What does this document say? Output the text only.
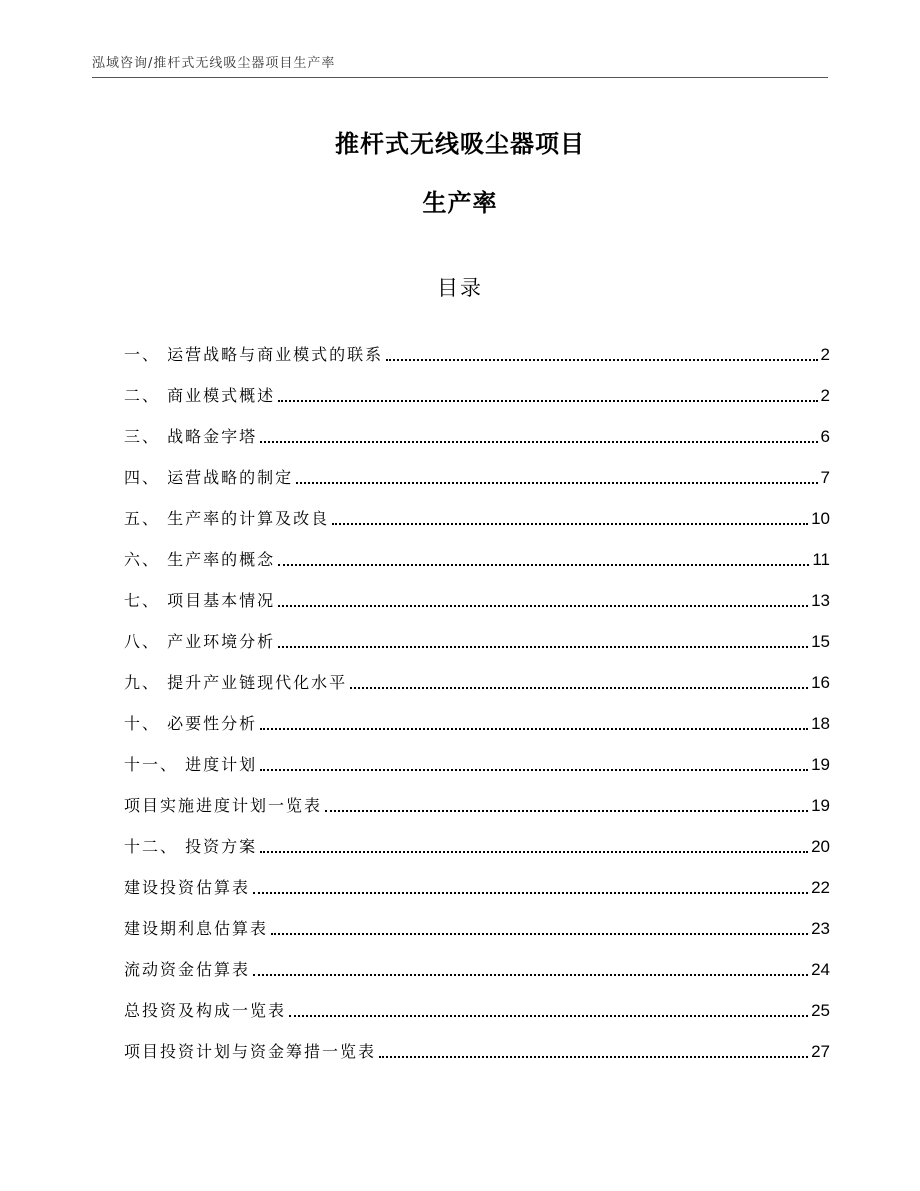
泓域咨询/推杆式无线吸尘器项目生产率
推杆式无线吸尘器项目
生产率
目录
一、 运营战略与商业模式的联系	2
二、 商业模式概述	2
三、 战略金字塔	6
四、 运营战略的制定	7
五、 生产率的计算及改良	10
六、 生产率的概念	11
七、 项目基本情况	13
八、 产业环境分析	15
九、 提升产业链现代化水平	16
十、 必要性分析	18
十一、 进度计划	19
项目实施进度计划一览表	19
十二、 投资方案	20
建设投资估算表	22
建设期利息估算表	23
流动资金估算表	24
总投资及构成一览表	25
项目投资计划与资金筹措一览表	27
